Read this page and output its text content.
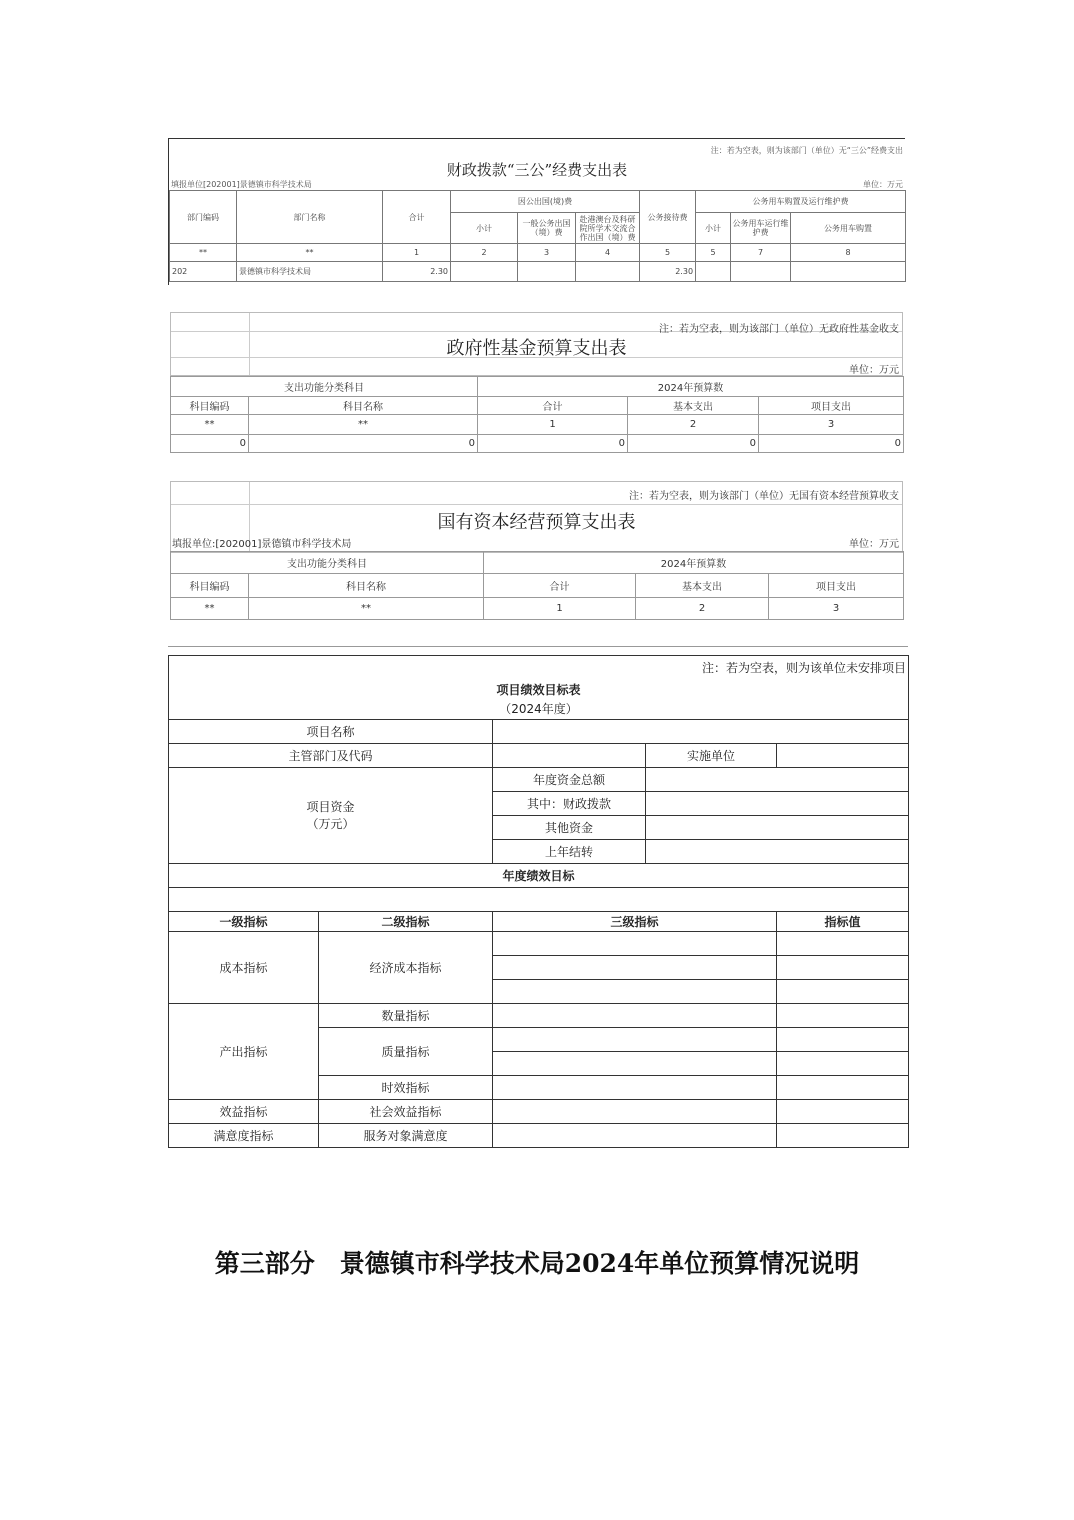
注：若为空表，则为该部门（单位）无“三公”经费支出
财政拨款“三公”经费支出表
填报单位[202001]景德镇市科学技术局	单位：万元
部门编码	部门名称	合计	因公出国(境)费			公务接待费	公务用车购置及运行维护费		
			小计	一般公务出国（境）费	赴港澳台及科研院所学术交流合作出国（境）费		小计	公务用车运行维护费	公务用车购置
**	**	1	2	3	4	5	5	7	8
202	景德镇市科学技术局	2.30				2.30			
注：若为空表，则为该部门（单位）无政府性基金收支
政府性基金预算支出表
单位：万元
支出功能分类科目		2024年预算数		
科目编码	科目名称	合计	基本支出	项目支出
**	**	1	2	3
0	0	0	0	0
注：若为空表，则为该部门（单位）无国有资本经营预算收支
国有资本经营预算支出表
填报单位:[202001]景德镇市科学技术局	单位：万元
支出功能分类科目		2024年预算数		
科目编码	科目名称	合计	基本支出	项目支出
**	**	1	2	3
注：若为空表，则为该单位未安排项目				
项目绩效目标表				
（2024年度）				
项目名称				
主管部门及代码			实施单位	

项目资金
（万元）		年度资金总额		
		其中：财政拨款		
		其他资金		
		上年结转		
年度绩效目标				

一级指标	二级指标	三级指标		指标值
成本指标	经济成本指标			

产出指标	数量指标			
	质量指标			

	时效指标			
效益指标	社会效益指标			
满意度指标	服务对象满意度			
第三部分　景德镇市科学技术局2024年单位预算情况说明
